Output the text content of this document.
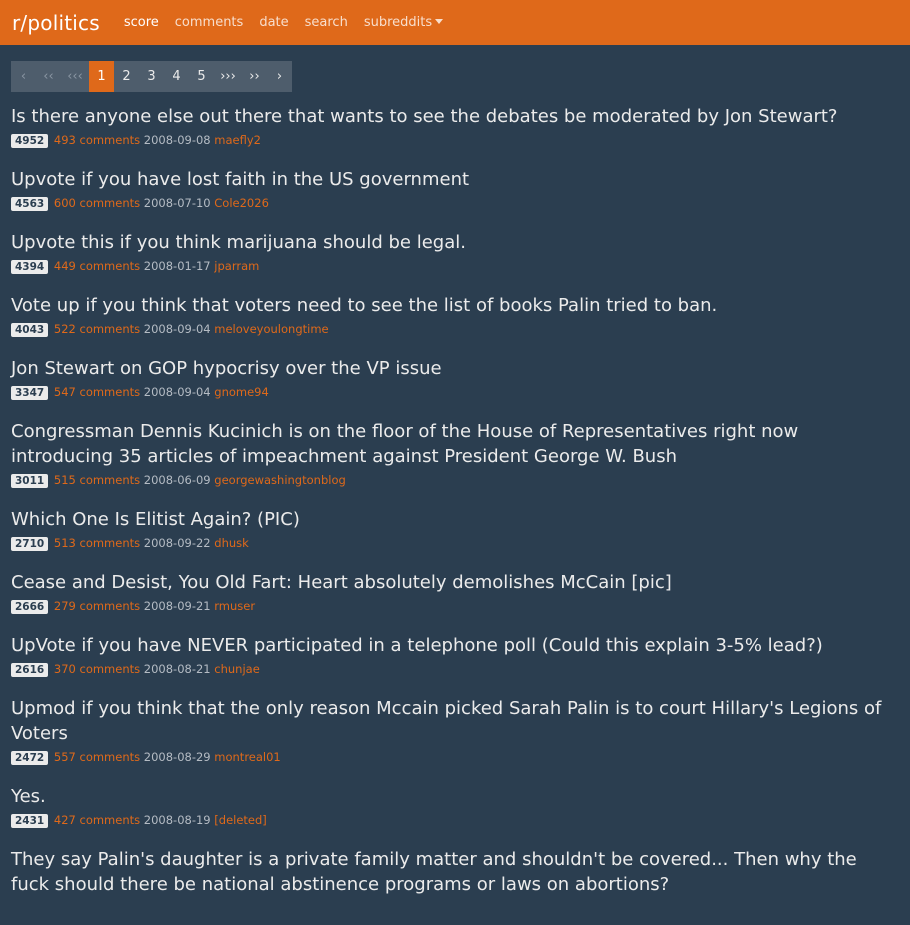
r/politics score comments date search subreddits
‹	‹‹	‹‹‹	1	2	3	4	5	›››	››	›
Is there anyone else out there that wants to see the debates be moderated by Jon Stewart?
4952 493 comments 2008-09-08 maefly2
Upvote if you have lost faith in the US government
4563 600 comments 2008-07-10 Cole2026
Upvote this if you think marijuana should be legal.
4394 449 comments 2008-01-17 jparram
Vote up if you think that voters need to see the list of books Palin tried to ban.
4043 522 comments 2008-09-04 meloveyoulongtime
Jon Stewart on GOP hypocrisy over the VP issue
3347 547 comments 2008-09-04 gnome94
Congressman Dennis Kucinich is on the floor of the House of Representatives right now introducing 35 articles of impeachment against President George W. Bush
3011 515 comments 2008-06-09 georgewashingtonblog
Which One Is Elitist Again? (PIC)
2710 513 comments 2008-09-22 dhusk
Cease and Desist, You Old Fart: Heart absolutely demolishes McCain [pic]
2666 279 comments 2008-09-21 rmuser
UpVote if you have NEVER participated in a telephone poll (Could this explain 3-5% lead?)
2616 370 comments 2008-08-21 chunjae
Upmod if you think that the only reason Mccain picked Sarah Palin is to court Hillary's Legions of Voters
2472 557 comments 2008-08-29 montreal01
Yes.
2431 427 comments 2008-08-19 [deleted]
They say Palin's daughter is a private family matter and shouldn't be covered... Then why the fuck should there be national abstinence programs or laws on abortions?
